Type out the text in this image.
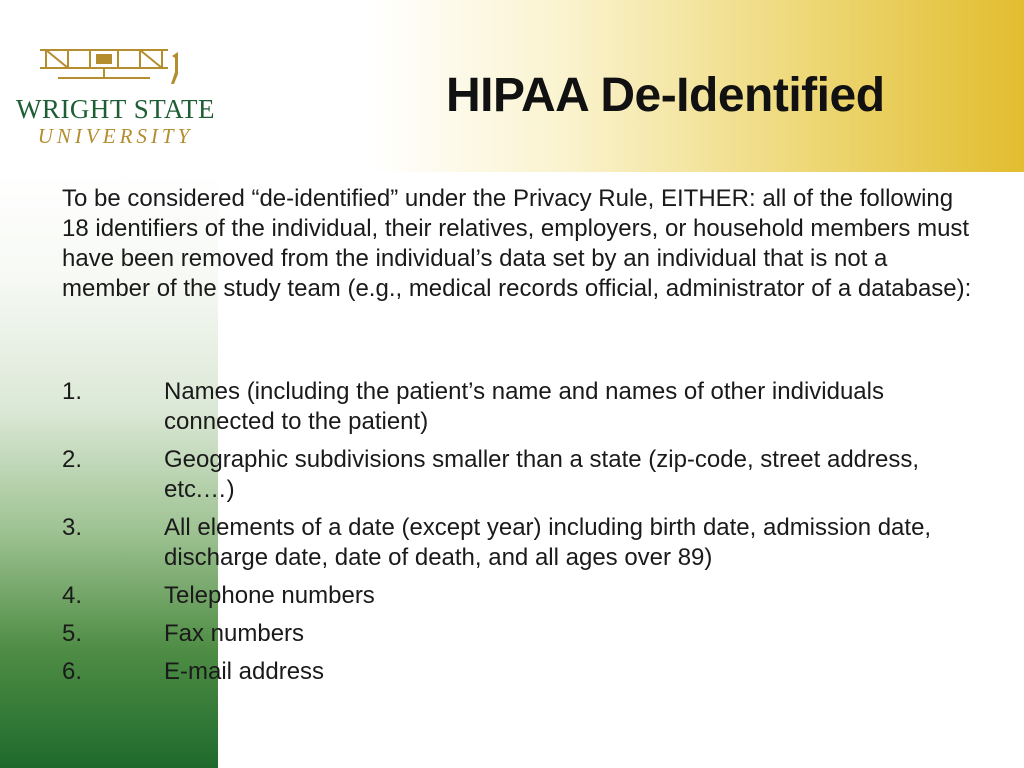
WRIGHT STATE
UNIVERSITY
HIPAA De-Identified

To be considered “de-identified” under the Privacy Rule, EITHER: all of the following 18 identifiers of the individual, their relatives, employers, or household members must have been removed from the individual’s data set by an individual that is not a member of the study team (e.g., medical records official, administrator of a database):

1.	Names (including the patient’s name and names of other individuals connected to the patient)
2.	Geographic subdivisions smaller than a state (zip-code, street address, etc.…)
3.	All elements of a date (except year) including birth date, admission date, discharge date, date of death, and all ages over 89)
4.	Telephone numbers
5.	Fax numbers
6.	E-mail address
